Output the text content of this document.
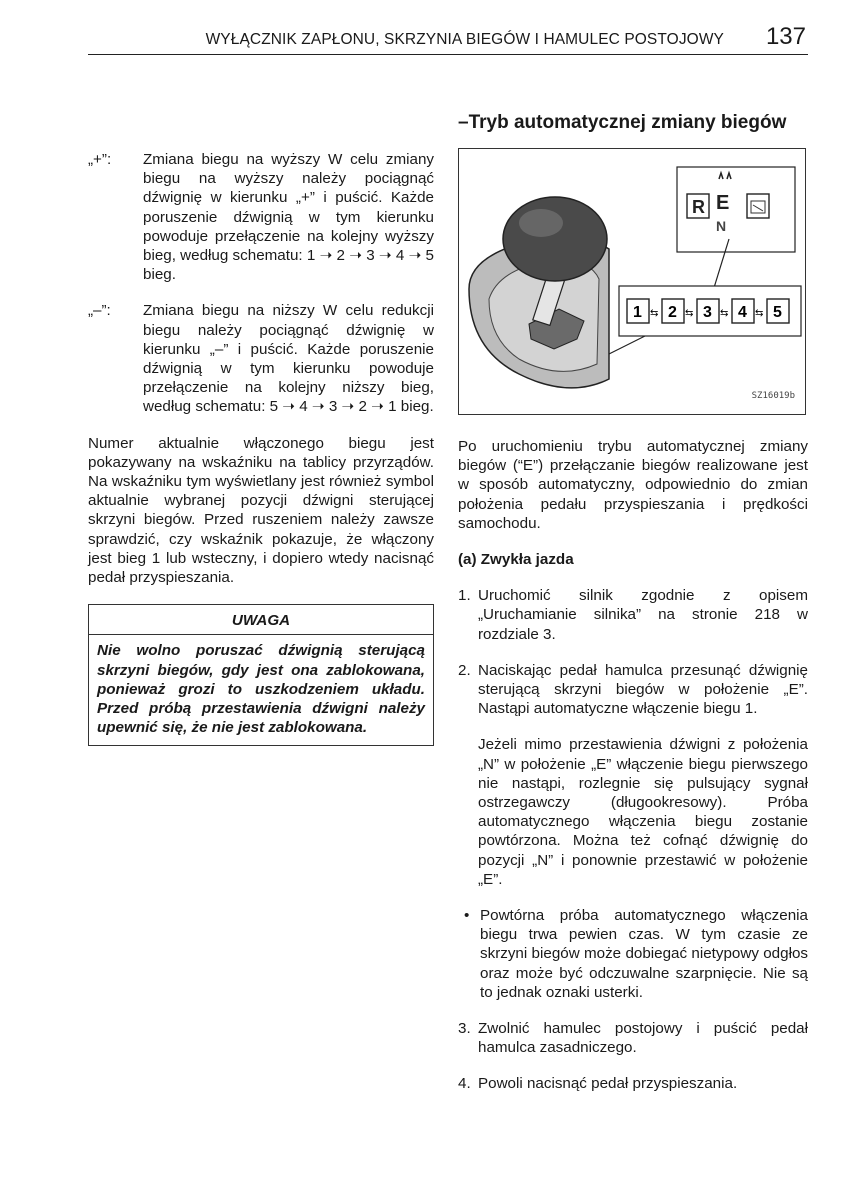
WYŁĄCZNIK ZAPŁONU, SKRZYNIA BIEGÓW I HAMULEC POSTOJOWY 137
„+”:	Zmiana biegu na wyższy W celu zmiany biegu na wyższy należy pociągnąć dźwignię w kierunku „+” i puścić. Każde poruszenie dźwignią w tym kierunku powoduje przełączenie na kolejny wyższy bieg, według schematu: 1 ➝ 2 ➝ 3 ➝ 4 ➝ 5 bieg.

„–”:	Zmiana biegu na niższy W celu redukcji biegu należy pociągnąć dźwignię w kierunku „–” i puścić. Każde poruszenie dźwignią w tym kierunku powoduje przełączenie na kolejny niższy bieg, według schematu: 5 ➝ 4 ➝ 3 ➝ 2 ➝ 1 bieg.

Numer aktualnie włączonego biegu jest pokazywany na wskaźniku na tablicy przyrządów. Na wskaźniku tym wyświetlany jest również symbol aktualnie wybranej pozycji dźwigni sterującej skrzyni biegów. Przed ruszeniem należy zawsze sprawdzić, czy wskaźnik pokazuje, że włączony jest bieg 1 lub wsteczny, i dopiero wtedy nacisnąć pedał przyspieszania.

UWAGA

Nie wolno poruszać dźwignią sterującą skrzyni biegów, gdy jest ona zablokowana, ponieważ grozi to uszkodzeniem układu. Przed próbą przestawienia dźwigni należy upewnić się, że nie jest zablokowana.

–Tryb automatycznej zmiany biegów
R E
N
1 ⇆ 2 ⇆ 3 ⇆ 4 ⇆ 5
SZ16019b

Po uruchomieniu trybu automatycznej zmiany biegów (“E”) przełączanie biegów realizowane jest w sposób automatyczny, odpowiednio do zmian położenia pedału przyspieszania i prędkości samochodu.

(a) Zwykła jazda

1. Uruchomić silnik zgodnie z opisem „Uruchamianie silnika” na stronie 218 w rozdziale 3.

2. Naciskając pedał hamulca przesunąć dźwignię sterującą skrzyni biegów w położenie „E”. Nastąpi automatyczne włączenie biegu 1.

Jeżeli mimo przestawienia dźwigni z położenia „N” w położenie „E” włączenie biegu pierwszego nie nastąpi, rozlegnie się pulsujący sygnał ostrzegawczy (długookresowy). Próba automatycznego włączenia biegu zostanie powtórzona. Można też cofnąć dźwignię do pozycji „N” i ponownie przestawić w położenie „E”.

• Powtórna próba automatycznego włączenia biegu trwa pewien czas. W tym czasie ze skrzyni biegów może dobiegać nietypowy odgłos oraz może być odczuwalne szarpnięcie. Nie są to jednak oznaki usterki.

3. Zwolnić hamulec postojowy i puścić pedał hamulca zasadniczego.

4. Powoli nacisnąć pedał przyspieszania.
